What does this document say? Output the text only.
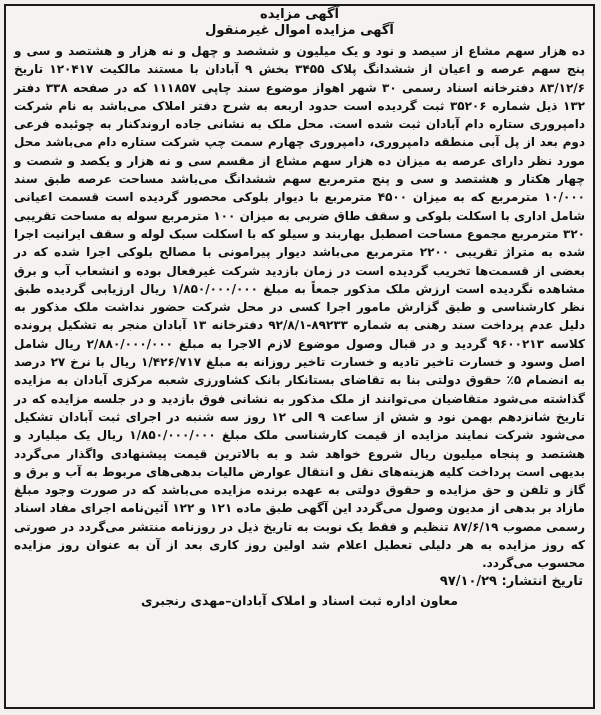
آگهی مزایده
آگهی مزایده اموال غیرمنقول

ده هزار سهم مشاع از سیصد و نود و یک میلیون و ششصد و چهل و نه هزار و هشتصد و سی و پنج سهم عرصه و اعیان از ششدانگ پلاک ۳۴۵۵ بخش ۹ آبادان با مستند مالکیت ۱۲۰۴۱۷ تاریخ ۸۳/۱۲/۶ دفترخانه اسناد رسمی ۳۰ شهر اهواز موضوع سند چاپی ۱۱۱۸۵۷ که در صفحه ۳۳۸ دفتر ۱۳۲ ذیل شماره ۳۵۲۰۶ ثبت گردیده است حدود اربعه به شرح دفتر املاک می‌باشد به نام شرکت دامپروری ستاره دام آبادان ثبت شده است. محل ملک به نشانی جاده اروندکنار به چوئبده فرعی دوم بعد از پل آبی منطقه دامپروری، دامپروری چهارم سمت چپ شرکت ستاره دام می‌باشد محل مورد نظر دارای عرصه به میزان ده هزار سهم مشاع از مقسم سی و نه هزار و یکصد و شصت و چهار هکتار و هشتصد و سی و پنج مترمربع سهم ششدانگ می‌باشد مساحت عرصه طبق سند ۱۰/۰۰۰ مترمربع که به میزان ۴۵۰۰ مترمربع با دیوار بلوکی محصور گردیده است قسمت اعیانی شامل اداری با اسکلت بلوکی و سقف طاق ضربی به میزان ۱۰۰ مترمربع سوله به مساحت تقریبی ۳۲۰ مترمربع مجموع مساحت اصطبل بهاربند و سیلو که با اسکلت سبک لوله و سقف ایرانیت اجرا شده به متراژ تقریبی ۲۲۰۰ مترمربع می‌باشد دیوار پیرامونی با مصالح بلوکی اجرا شده که در بعضی از قسمت‌ها تخریب گردیده است در زمان بازدید شرکت غیرفعال بوده و انشعاب آب و برق مشاهده نگردیده است ارزش ملک مذکور جمعاً به مبلغ ۱/۸۵۰/۰۰۰/۰۰۰ ریال ارزیابی گردیده طبق نظر کارشناسی و طبق گزارش مامور اجرا کسی در محل شرکت حضور نداشت ملک مذکور به دلیل عدم پرداخت سند رهنی به شماره ۸۹۲۳۳-۹۲/۸/۱ دفترخانه ۱۳ آبادان منجر به تشکیل پرونده کلاسه ۹۶۰۰۲۱۳ گردید و در قبال وصول موضوع لازم الاجرا به مبلغ ۲/۸۸۰/۰۰۰/۰۰۰ ریال شامل اصل وسود و خسارت تاخیر تادیه و خسارت تاخیر روزانه به مبلغ ۱/۴۲۶/۷۱۷ ریال با نرخ ۲۷ درصد به انضمام ۵٪ حقوق دولتی بنا به تقاضای بستانکار بانک کشاورزی شعبه مرکزی آبادان به مزایده گذاشته می‌شود متقاضیان می‌توانند از ملک مذکور به نشانی فوق بازدید و در جلسه مزایده که در تاریخ شانزدهم بهمن نود و شش از ساعت ۹ الی ۱۲ روز سه شنبه در اجرای ثبت آبادان تشکیل می‌شود شرکت نمایند مزایده از قیمت کارشناسی ملک مبلغ ۱/۸۵۰/۰۰۰/۰۰۰ ریال یک میلیارد و هشتصد و پنجاه میلیون ریال شروع خواهد شد و به بالاترین قیمت پیشنهادی واگذار می‌گردد بدیهی است پرداخت کلیه هزینه‌های نقل و انتقال عوارض مالیات بدهی‌های مربوط به آب و برق و گاز و تلفن و حق مزایده و حقوق دولتی به عهده برنده مزایده می‌باشد که در صورت وجود مبلغ مازاد بر بدهی از مدیون وصول می‌گردد این آگهی طبق ماده ۱۲۱ و ۱۲۲ آئین‌نامه اجرای مفاد اسناد رسمی مصوب ۸۷/۶/۱۹ تنظیم و فقط یک نوبت به تاریخ ذیل در روزنامه منتشر می‌گردد در صورتی که روز مزایده به هر دلیلی تعطیل اعلام شد اولین روز کاری بعد از آن به عنوان روز مزایده محسوب می‌گردد.

تاریخ انتشار: ۹۷/۱۰/۲۹
معاون اداره ثبت اسناد و املاک آبادان–مهدی رنجبری
